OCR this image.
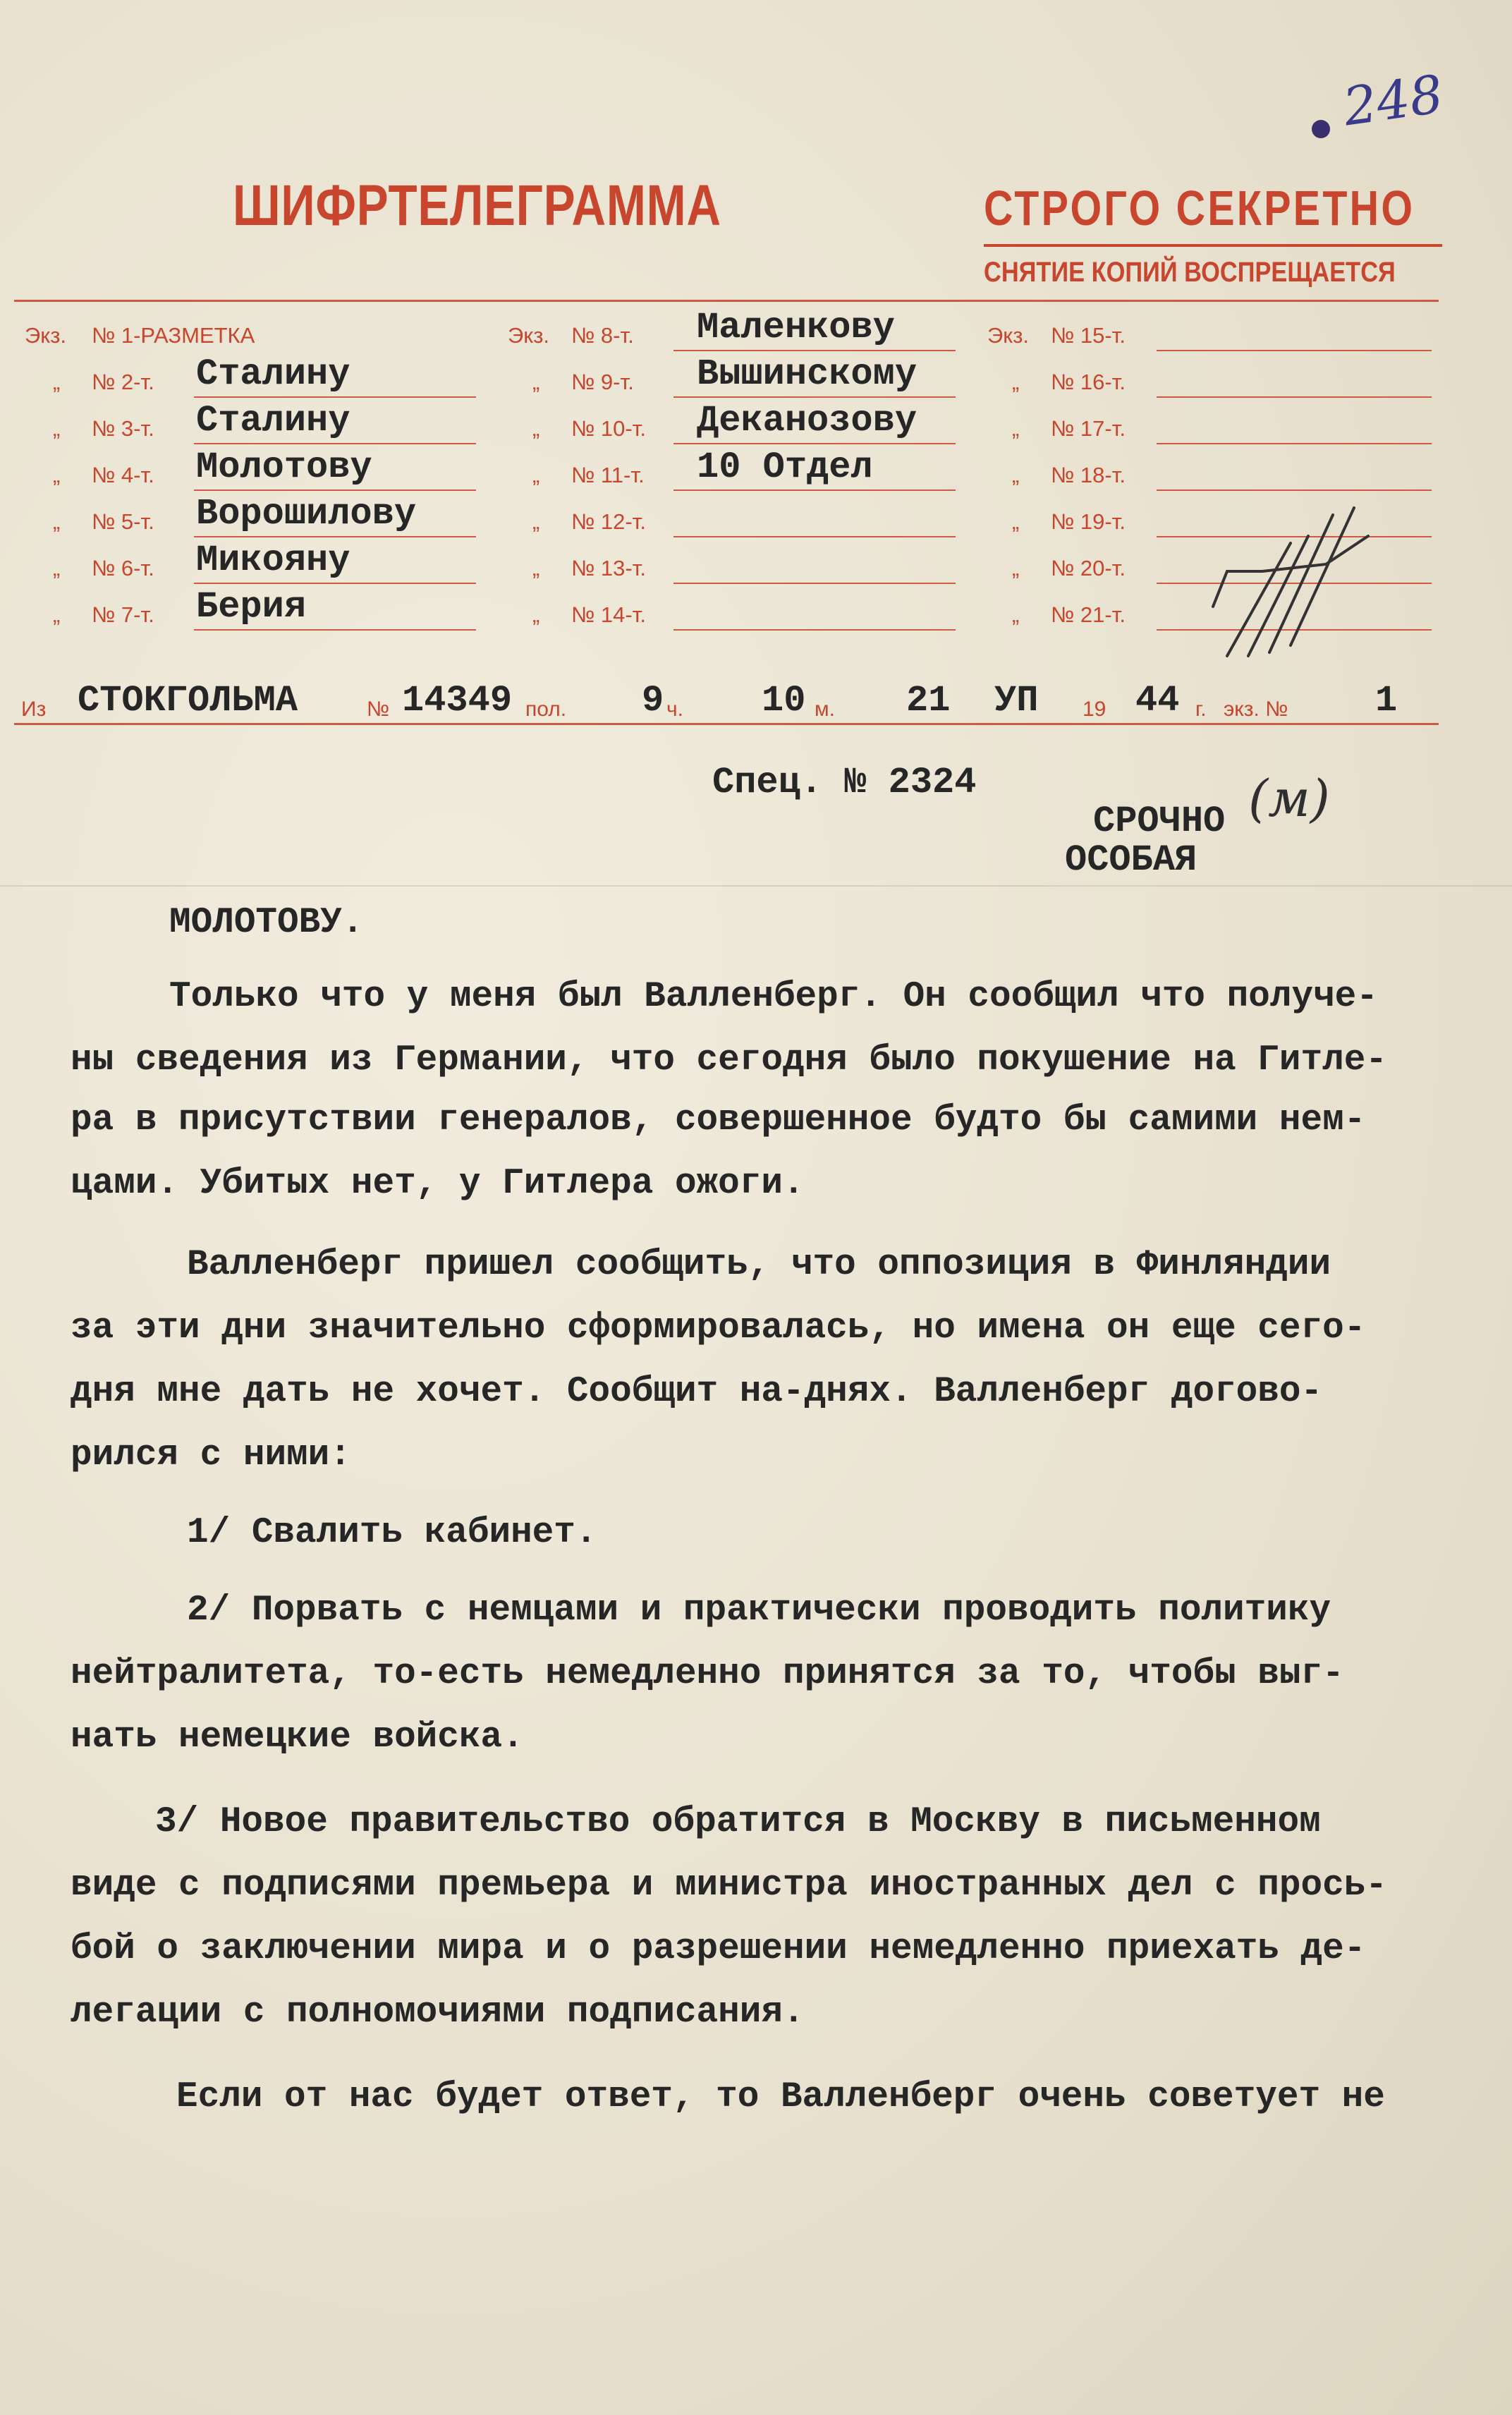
248
ШИФРТЕЛЕГРАММА	СТРОГО СЕКРЕТНО
СНЯТИЕ КОПИЙ ВОСПРЕЩАЕТСЯ
Экз. № 1-РАЗМЕТКА
„ № 2-т. Сталину
„ № 3-т. Сталину
„ № 4-т. Молотову
„ № 5-т. Ворошилову
„ № 6-т. Микояну
„ № 7-т. Берия
Экз. № 8-т. Маленкову
„ № 9-т. Вышинскому
„ № 10-т. Деканозову
„ № 11-т. 10 Отдел
„ № 12-т.
„ № 13-т.
„ № 14-т.
Экз. № 15-т.
„ № 16-т.
„ № 17-т.
„ № 18-т.
„ № 19-т.
„ № 20-т.
„ № 21-т.
Из СТОКГОЛЬМА	№ 14349 пол. 9 ч. 10 м. 21 УП 19 44 г. экз. № 1
Спец. № 2324
СРОЧНО
ОСОБАЯ
(м)
МОЛОТОВУ.
Только что у меня был Валленберг. Он сообщил что получе-
ны сведения из Германии, что сегодня было покушение на Гитле-
ра в присутствии генералов, совершенное будто бы самими нем-
цами. Убитых нет, у Гитлера ожоги.
Валленберг пришел сообщить, что оппозиция в Финляндии
за эти дни значительно сформировалась, но имена он еще сего-
дня мне дать не хочет. Сообщит на-днях. Валленберг догово-
рился с ними:
1/ Свалить кабинет.
2/ Порвать с немцами и практически проводить политику
нейтралитета, то-есть немедленно принятся за то, чтобы выг-
нать немецкие войска.
3/ Новое правительство обратится в Москву в письменном
виде с подписями премьера и министра иностранных дел с прось-
бой о заключении мира и о разрешении немедленно приехать де-
легации с полномочиями подписания.
Если от нас будет ответ, то Валленберг очень советует не
